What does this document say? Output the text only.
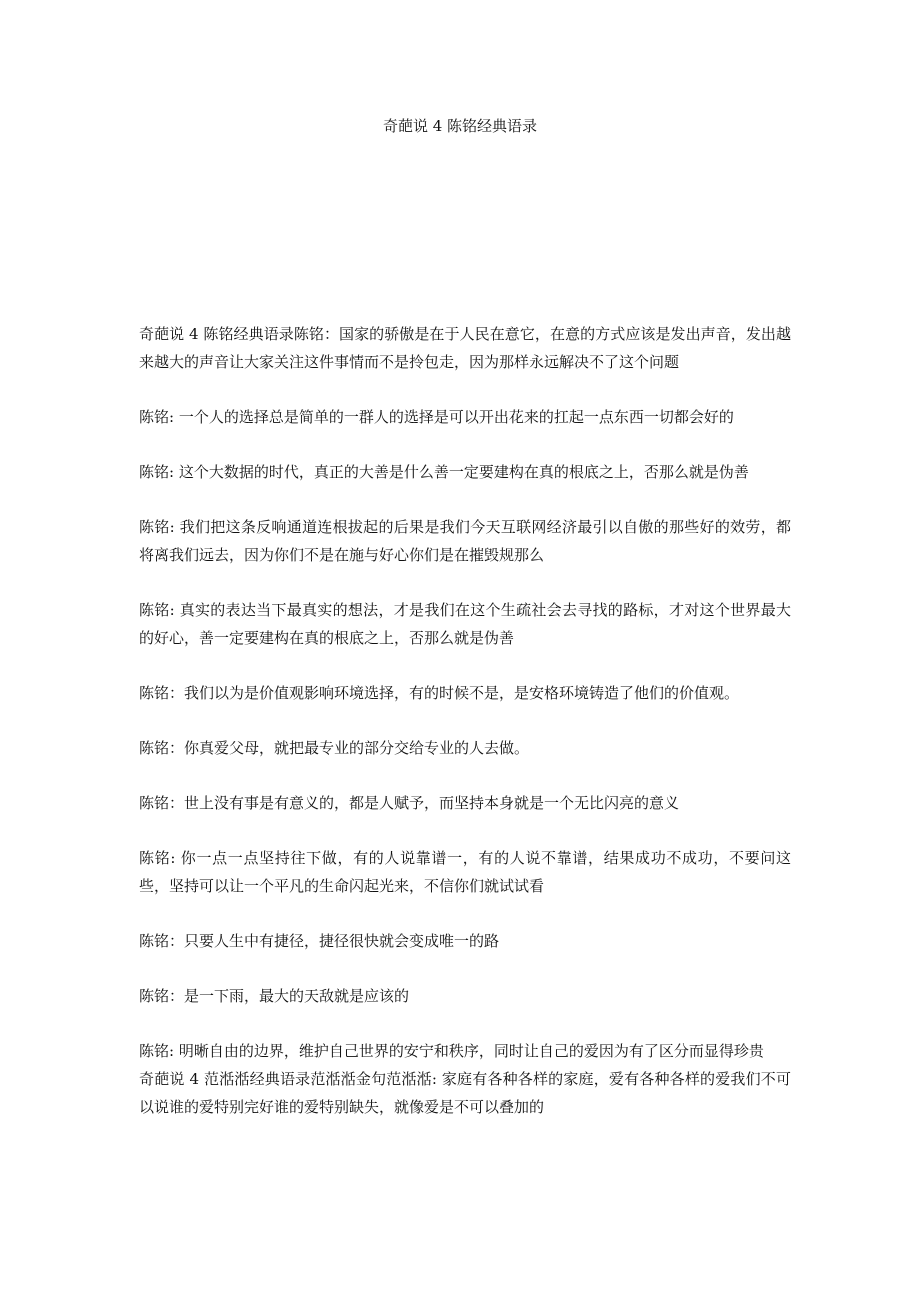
奇葩说 4 陈铭经典语录

奇葩说 4 陈铭经典语录陈铭：国家的骄傲是在于人民在意它，在意的方式应该是发出声音，发出越来越大的声音让大家关注这件事情而不是拎包走，因为那样永远解决不了这个问题

陈铭: 一个人的选择总是简单的一群人的选择是可以开出花来的扛起一点东西一切都会好的

陈铭: 这个大数据的时代，真正的大善是什么善一定要建构在真的根底之上，否那么就是伪善

陈铭: 我们把这条反响通道连根拔起的后果是我们今天互联网经济最引以自傲的那些好的效劳，都将离我们远去，因为你们不是在施与好心你们是在摧毁规那么

陈铭: 真实的表达当下最真实的想法，才是我们在这个生疏社会去寻找的路标，才对这个世界最大的好心，善一定要建构在真的根底之上，否那么就是伪善

陈铭：我们以为是价值观影响环境选择，有的时候不是，是安格环境铸造了他们的价值观。

陈铭：你真爱父母，就把最专业的部分交给专业的人去做。

陈铭：世上没有事是有意义的，都是人赋予，而坚持本身就是一个无比闪亮的意义

陈铭: 你一点一点坚持往下做，有的人说靠谱一，有的人说不靠谱，结果成功不成功，不要问这些，坚持可以让一个平凡的生命闪起光来，不信你们就试试看

陈铭：只要人生中有捷径，捷径很快就会变成唯一的路

陈铭：是一下雨，最大的天敌就是应该的

陈铭: 明晰自由的边界，维护自己世界的安宁和秩序，同时让自己的爱因为有了区分而显得珍贵

奇葩说 4 范湉湉经典语录范湉湉金句范湉湉: 家庭有各种各样的家庭，爱有各种各样的爱我们不可以说谁的爱特别完好谁的爱特别缺失，就像爱是不可以叠加的
